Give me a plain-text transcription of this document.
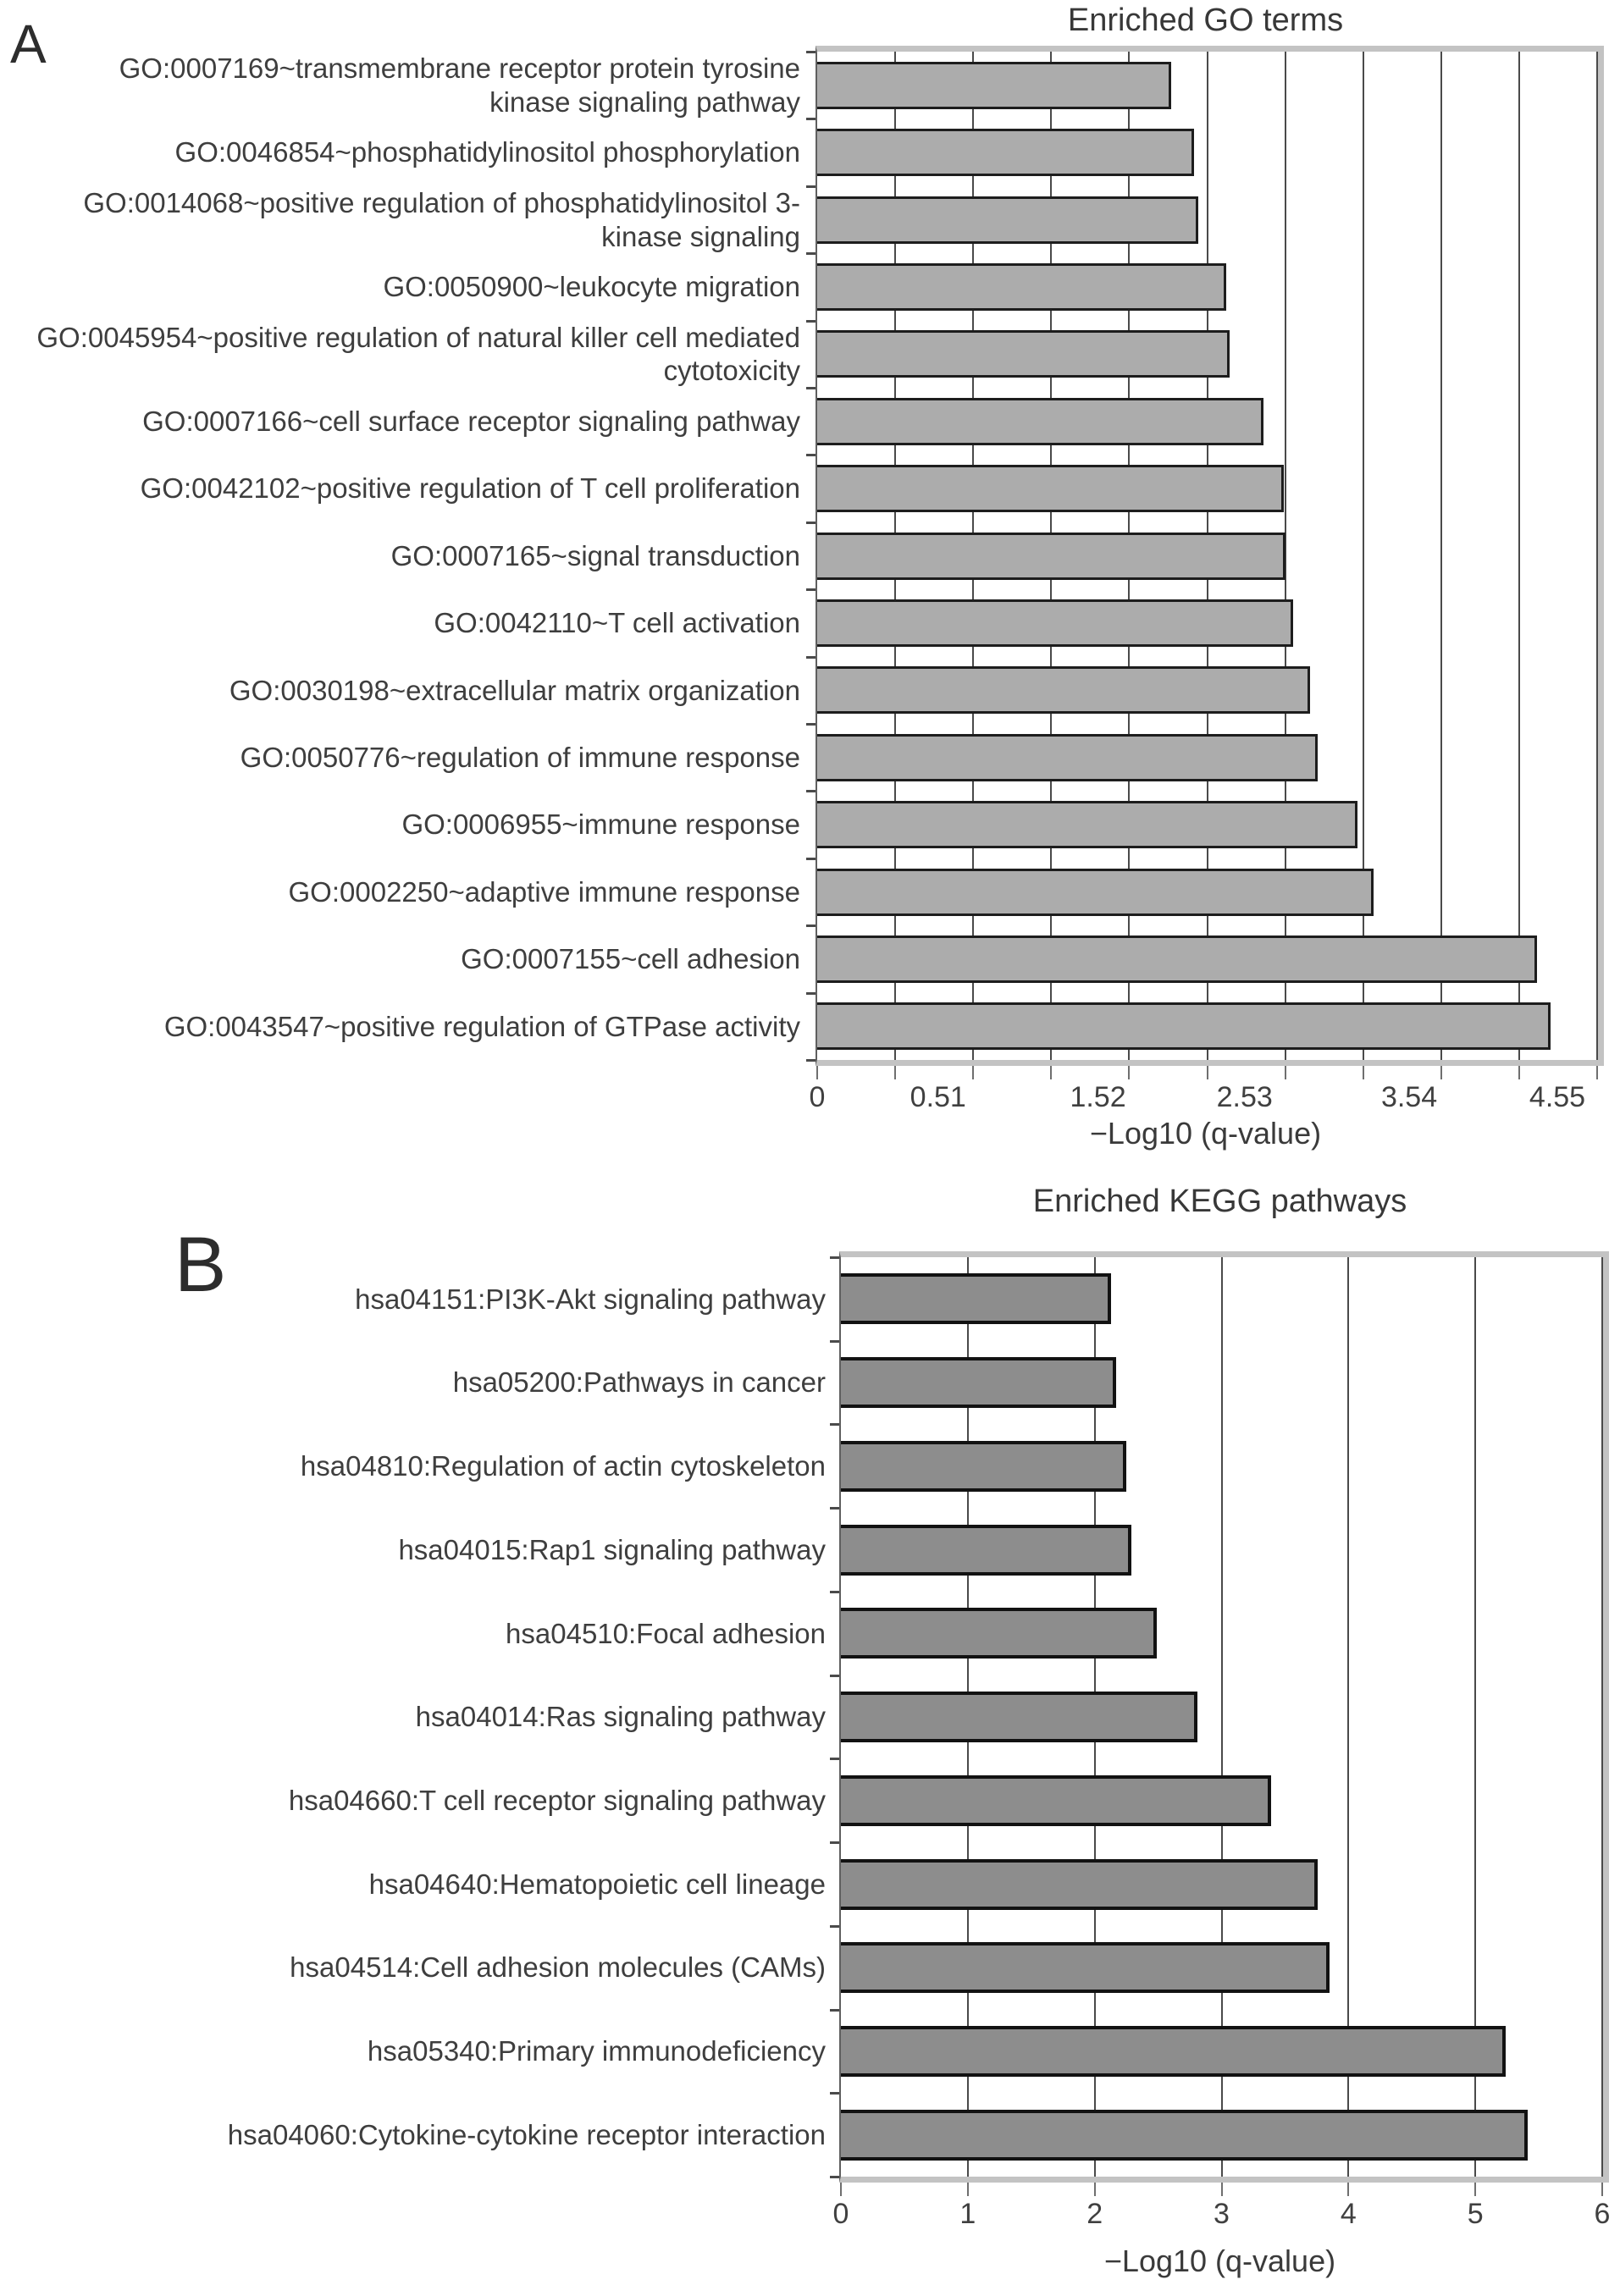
A	Enriched GO terms
GO:0007169~transmembrane receptor protein tyrosine kinase signaling pathway
GO:0046854~phosphatidylinositol phosphorylation
GO:0014068~positive regulation of phosphatidylinositol 3-kinase signaling
GO:0050900~leukocyte migration
GO:0045954~positive regulation of natural killer cell mediated cytotoxicity
GO:0007166~cell surface receptor signaling pathway
GO:0042102~positive regulation of T cell proliferation
GO:0007165~signal transduction
GO:0042110~T cell activation
GO:0030198~extracellular matrix organization
GO:0050776~regulation of immune response
GO:0006955~immune response
GO:0002250~adaptive immune response
GO:0007155~cell adhesion
GO:0043547~positive regulation of GTPase activity
0	0.51	1.52	2.53	3.54	4.55
−Log10 (q-value)
B
Enriched KEGG pathways
hsa04151:PI3K-Akt signaling pathway
hsa05200:Pathways in cancer
hsa04810:Regulation of actin cytoskeleton
hsa04015:Rap1 signaling pathway
hsa04510:Focal adhesion
hsa04014:Ras signaling pathway
hsa04660:T cell receptor signaling pathway
hsa04640:Hematopoietic cell lineage
hsa04514:Cell adhesion molecules (CAMs)
hsa05340:Primary immunodeficiency
hsa04060:Cytokine-cytokine receptor interaction
0	1	2	3	4	5	6
−Log10 (q-value)
